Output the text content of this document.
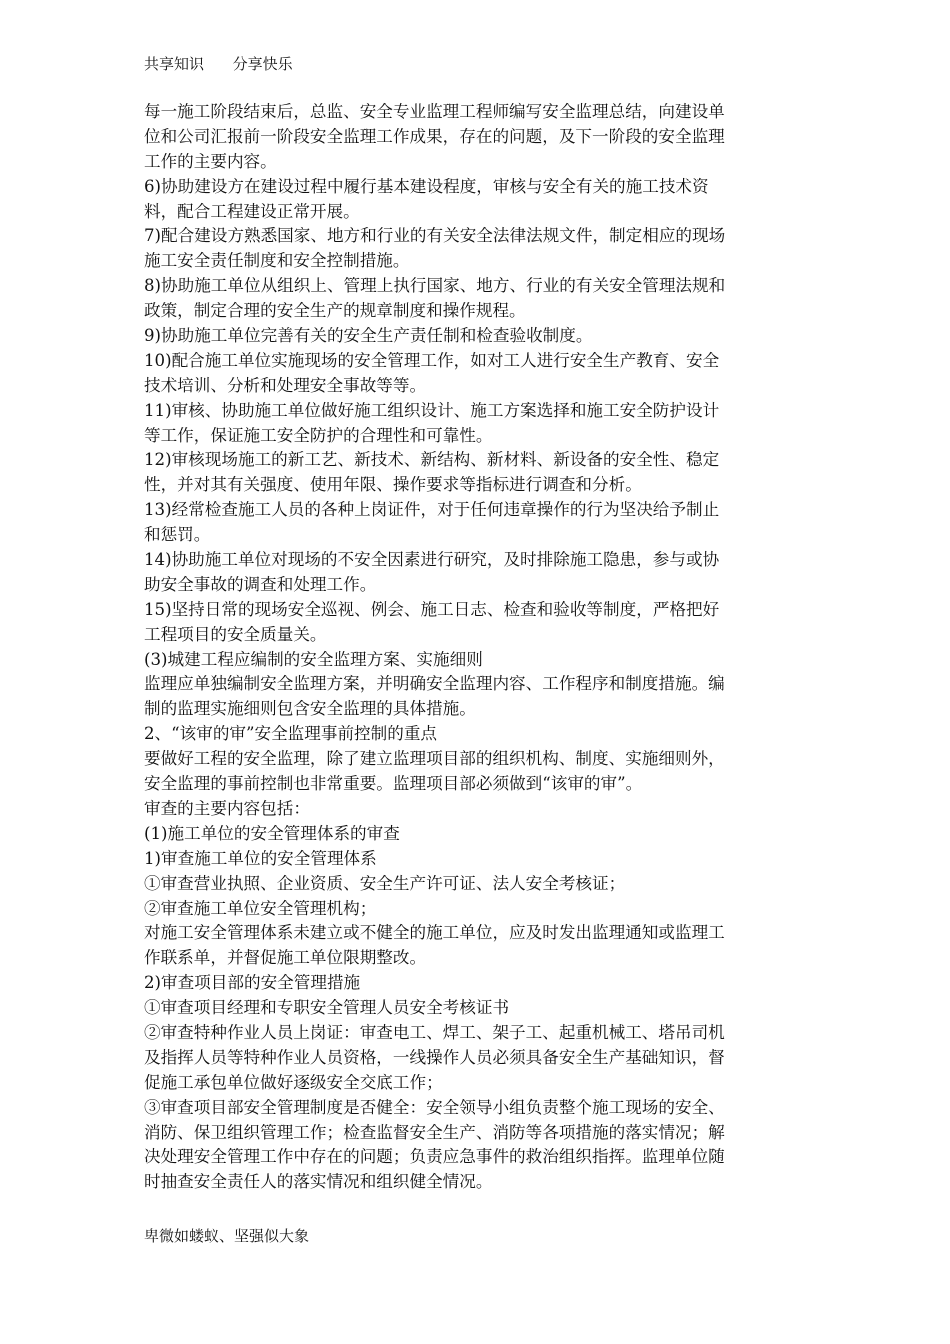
共享知识 分享快乐
每一施工阶段结束后，总监、安全专业监理工程师编写安全监理总结，向建设单
位和公司汇报前一阶段安全监理工作成果，存在的问题，及下一阶段的安全监理
工作的主要内容。
6)协助建设方在建设过程中履行基本建设程度，审核与安全有关的施工技术资
料，配合工程建设正常开展。
7)配合建设方熟悉国家、地方和行业的有关安全法律法规文件，制定相应的现场
施工安全责任制度和安全控制措施。
8)协助施工单位从组织上、管理上执行国家、地方、行业的有关安全管理法规和
政策，制定合理的安全生产的规章制度和操作规程。
9)协助施工单位完善有关的安全生产责任制和检查验收制度。
10)配合施工单位实施现场的安全管理工作，如对工人进行安全生产教育、安全
技术培训、分析和处理安全事故等等。
11)审核、协助施工单位做好施工组织设计、施工方案选择和施工安全防护设计
等工作，保证施工安全防护的合理性和可靠性。
12)审核现场施工的新工艺、新技术、新结构、新材料、新设备的安全性、稳定
性，并对其有关强度、使用年限、操作要求等指标进行调查和分析。
13)经常检查施工人员的各种上岗证件，对于任何违章操作的行为坚决给予制止
和惩罚。
14)协助施工单位对现场的不安全因素进行研究，及时排除施工隐患，参与或协
助安全事故的调查和处理工作。
15)坚持日常的现场安全巡视、例会、施工日志、检查和验收等制度，严格把好
工程项目的安全质量关。
(3)城建工程应编制的安全监理方案、实施细则
监理应单独编制安全监理方案，并明确安全监理内容、工作程序和制度措施。编
制的监理实施细则包含安全监理的具体措施。
2、“该审的审”安全监理事前控制的重点
要做好工程的安全监理，除了建立监理项目部的组织机构、制度、实施细则外，
安全监理的事前控制也非常重要。监理项目部必须做到“该审的审”。
审查的主要内容包括：
(1)施工单位的安全管理体系的审查
1)审查施工单位的安全管理体系
①审查营业执照、企业资质、安全生产许可证、法人安全考核证；
②审查施工单位安全管理机构；
对施工安全管理体系未建立或不健全的施工单位，应及时发出监理通知或监理工
作联系单，并督促施工单位限期整改。
2)审查项目部的安全管理措施
①审查项目经理和专职安全管理人员安全考核证书
②审查特种作业人员上岗证：审查电工、焊工、架子工、起重机械工、塔吊司机
及指挥人员等特种作业人员资格，一线操作人员必须具备安全生产基础知识，督
促施工承包单位做好逐级安全交底工作；
③审查项目部安全管理制度是否健全：安全领导小组负责整个施工现场的安全、
消防、保卫组织管理工作；检查监督安全生产、消防等各项措施的落实情况；解
决处理安全管理工作中存在的问题；负责应急事件的救治组织指挥。监理单位随
时抽查安全责任人的落实情况和组织健全情况。
卑微如蝼蚁、坚强似大象
